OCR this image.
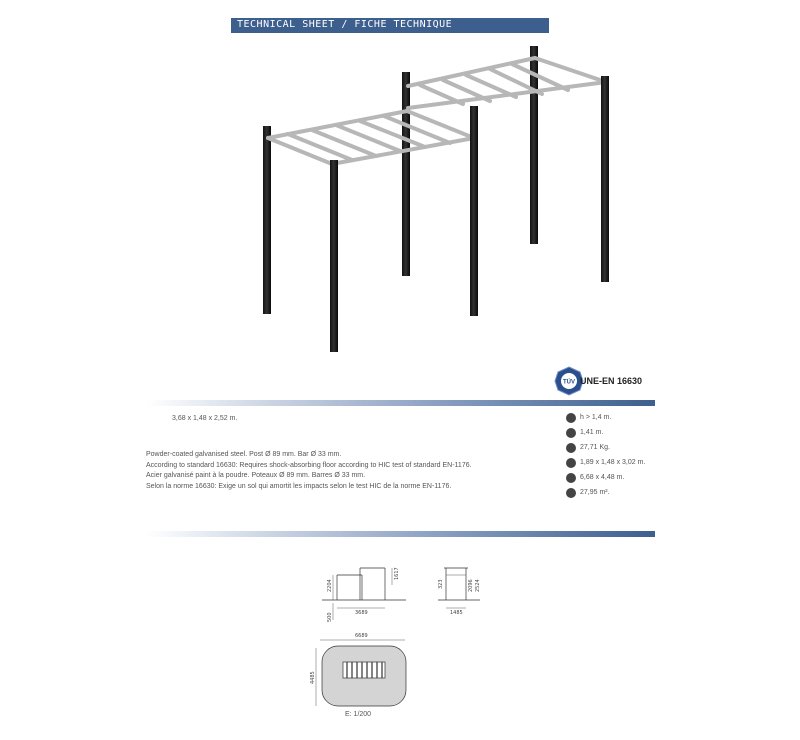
TECHNICAL SHEET / FICHE TECHNIQUE
TÜV UNE-EN 16630
3,68 x 1,48 x 2,52 m.
Powder-coated galvanised steel. Post Ø 89 mm. Bar Ø 33 mm.
According to standard 16630: Requires shock-absorbing floor according to HIC test of standard EN-1176.
Acier galvanisé paint à la poudre. Poteaux Ø 89 mm. Barres Ø 33 mm.
Selon la norme 16630: Exige un sol qui amortit les impacts selon le test HIC de la norme EN-1176.
h > 1,4 m.
1,41 m.
27,71 Kg.
1,89 x 1,48 x 3,02 m.
6,68 x 4,48 m.
27,95 m².
2204
1617
3689
500
323	2096 2524
1485
6689
4485
E: 1/200
